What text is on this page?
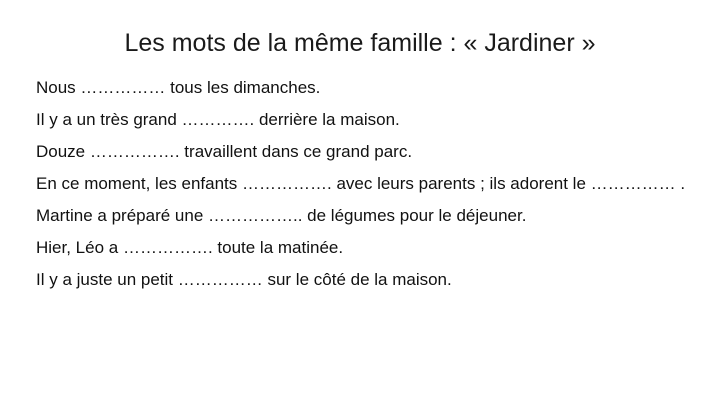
Les mots de la même famille : « Jardiner »
Nous …………… tous les dimanches.
Il y a un très grand …………. derrière la maison.
Douze ……………. travaillent dans ce grand parc.
En ce moment, les enfants ……………. avec leurs parents ; ils adorent le …………… .
Martine a préparé une …………….. de légumes pour le déjeuner.
Hier, Léo a ……………. toute la matinée.
Il y a juste un petit …………… sur le côté de la maison.
